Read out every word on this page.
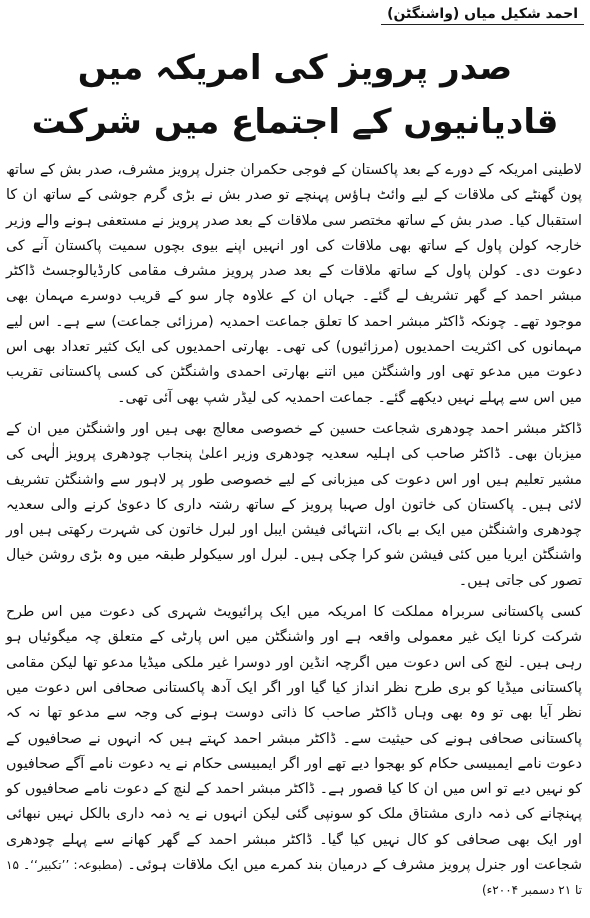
احمد شکیل میاں (واشنگٹن)
صدر پرویز کی امریکہ میں
قادیانیوں کے اجتماع میں شرکت

لاطینی امریکہ کے دورے کے بعد پاکستان کے فوجی حکمران جنرل پرویز مشرف، صدر بش کے ساتھ پون گھنٹے کی ملاقات کے لیے وائٹ ہاؤس پہنچے تو صدر بش نے بڑی گرم جوشی کے ساتھ ان کا استقبال کیا۔ صدر بش کے ساتھ مختصر سی ملاقات کے بعد صدر پرویز نے مستعفی ہونے والے وزیر خارجہ کولن پاول کے ساتھ بھی ملاقات کی اور انہیں اپنے بیوی بچوں سمیت پاکستان آنے کی دعوت دی۔ کولن پاول کے ساتھ ملاقات کے بعد صدر پرویز مشرف مقامی کارڈیالوجسٹ ڈاکٹر مبشر احمد کے گھر تشریف لے گئے۔ جہاں ان کے علاوہ چار سو کے قریب دوسرے مہمان بھی موجود تھے۔ چونکہ ڈاکٹر مبشر احمد کا تعلق جماعت احمدیہ (مرزائی جماعت) سے ہے۔ اس لیے مہمانوں کی اکثریت احمدیوں (مرزائیوں) کی تھی۔ بھارتی احمدیوں کی ایک کثیر تعداد بھی اس دعوت میں مدعو تھی اور واشنگٹن میں اتنے بھارتی احمدی واشنگٹن کی کسی پاکستانی تقریب میں اس سے پہلے نہیں دیکھے گئے۔ جماعت احمدیہ کی لیڈر شپ بھی آئی تھی۔

ڈاکٹر مبشر احمد چودھری شجاعت حسین کے خصوصی معالج بھی ہیں اور واشنگٹن میں ان کے میزبان بھی۔ ڈاکٹر صاحب کی اہلیہ سعدیہ چودھری وزیر اعلیٰ پنجاب چودھری پرویز الٰہی کی مشیر تعلیم ہیں اور اس دعوت کی میزبانی کے لیے خصوصی طور پر لاہور سے واشنگٹن تشریف لائی ہیں۔ پاکستان کی خاتون اول صہبا پرویز کے ساتھ رشتہ داری کا دعویٰ کرنے والی سعدیہ چودھری واشنگٹن میں ایک بے باک، انتہائی فیشن ایبل اور لبرل خاتون کی شہرت رکھتی ہیں اور واشنگٹن ایریا میں کئی فیشن شو کرا چکی ہیں۔ لبرل اور سیکولر طبقہ میں وہ بڑی روشن خیال تصور کی جاتی ہیں۔

کسی پاکستانی سربراہ مملکت کا امریکہ میں ایک پرائیویٹ شہری کی دعوت میں اس طرح شرکت کرنا ایک غیر معمولی واقعہ ہے اور واشنگٹن میں اس پارٹی کے متعلق چہ میگوئیاں ہو رہی ہیں۔ لنچ کی اس دعوت میں اگرچہ انڈین اور دوسرا غیر ملکی میڈیا مدعو تھا لیکن مقامی پاکستانی میڈیا کو بری طرح نظر انداز کیا گیا اور اگر ایک آدھ پاکستانی صحافی اس دعوت میں نظر آیا بھی تو وہ بھی وہاں ڈاکٹر صاحب کا ذاتی دوست ہونے کی وجہ سے مدعو تھا نہ کہ پاکستانی صحافی ہونے کی حیثیت سے۔ ڈاکٹر مبشر احمد کہتے ہیں کہ انہوں نے صحافیوں کے دعوت نامے ایمبیسی حکام کو بھجوا دیے تھے اور اگر ایمبیسی حکام نے یہ دعوت نامے آگے صحافیوں کو نہیں دیے تو اس میں ان کا کیا قصور ہے۔ ڈاکٹر مبشر احمد کے لنچ کے دعوت نامے صحافیوں کو پہنچانے کی ذمہ داری مشتاق ملک کو سونپی گئی لیکن انہوں نے یہ ذمہ داری بالکل نہیں نبھائی اور ایک بھی صحافی کو کال نہیں کیا گیا۔ ڈاکٹر مبشر احمد کے گھر کھانے سے پہلے چودھری شجاعت اور جنرل پرویز مشرف کے درمیان بند کمرے میں ایک ملاقات ہوئی۔ (مطبوعہ: ’’تکبیر‘‘۔ ۱۵ تا ۲۱ دسمبر ۲۰۰۴ء)
